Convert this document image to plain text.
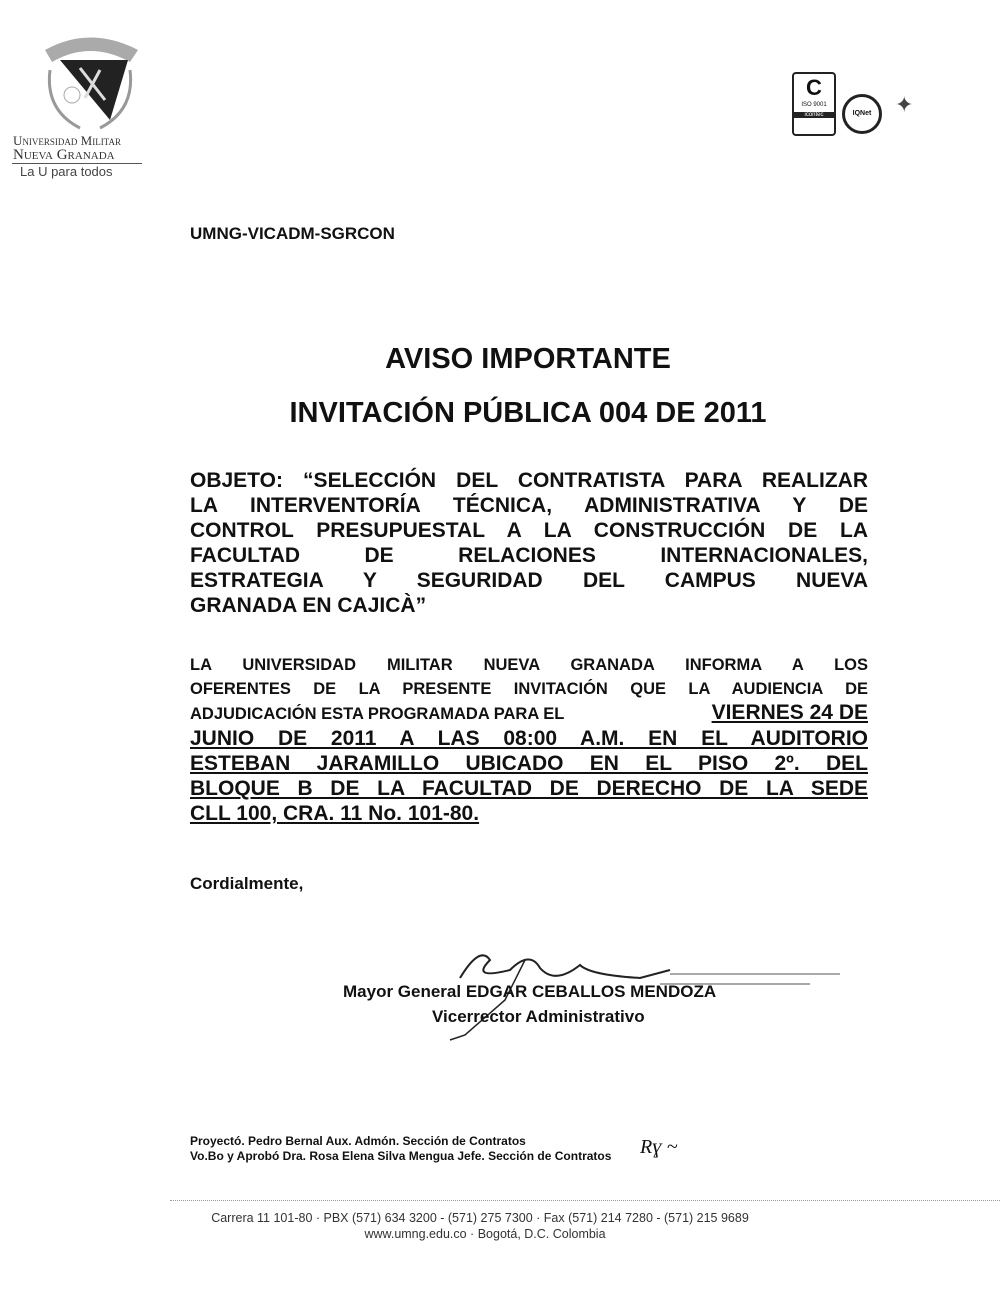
Universidad Militar
Nueva Granada
La U para todos
C
ISO 9001
icontec	IQNet	✦
UMNG-VICADM-SGRCON
AVISO IMPORTANTE
INVITACIÓN PÚBLICA 004 DE 2011
OBJETO: “SELECCIÓN DEL CONTRATISTA PARA REALIZAR
LA INTERVENTORÍA TÉCNICA, ADMINISTRATIVA Y DE
CONTROL PRESUPUESTAL A LA CONSTRUCCIÓN DE LA
FACULTAD DE RELACIONES INTERNACIONALES,
ESTRATEGIA Y SEGURIDAD DEL CAMPUS NUEVA
GRANADA EN CAJICÀ”
LA UNIVERSIDAD MILITAR NUEVA GRANADA INFORMA A LOS
OFERENTES DE LA PRESENTE INVITACIÓN QUE LA AUDIENCIA DE
ADJUDICACIÓN ESTA PROGRAMADA PARA EL	VIERNES 24 DE
JUNIO DE 2011 A LAS 08:00 A.M. EN EL AUDITORIO
ESTEBAN JARAMILLO UBICADO EN EL PISO 2º. DEL
BLOQUE B DE LA FACULTAD DE DERECHO DE LA SEDE
CLL 100, CRA. 11 No. 101-80.
Cordialmente,
Mayor General EDGAR CEBALLOS MENDOZA
Vicerrector Administrativo
Proyectó. Pedro Bernal Aux. Admón. Sección de Contratos
Vo.Bo y Aprobó Dra. Rosa Elena Silva Mengua Jefe. Sección de Contratos Rɣ ~
Carrera 11 101-80 · PBX (571) 634 3200 - (571) 275 7300 · Fax (571) 214 7280 - (571) 215 9689
www.umng.edu.co · Bogotá, D.C. Colombia
